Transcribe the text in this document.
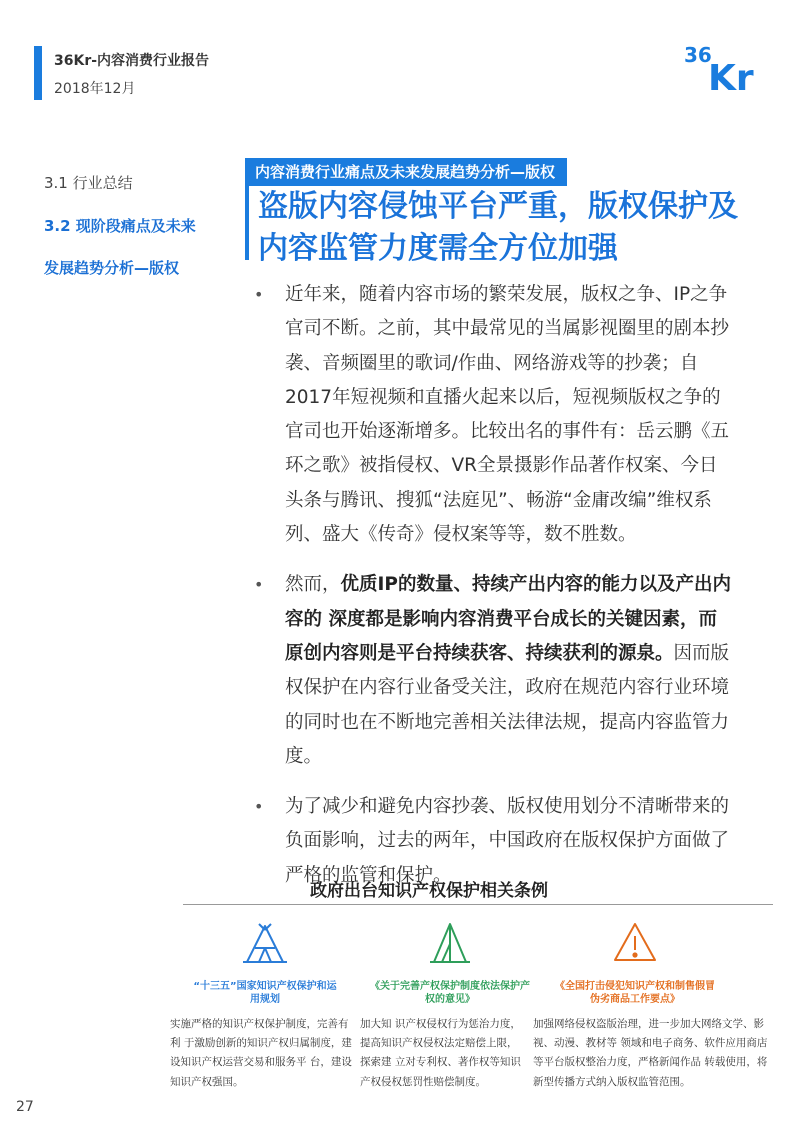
36Kr-内容消费行业报告
2018年12月
36
Kr
3.1 行业总结
3.2 现阶段痛点及未来
发展趋势分析—版权
内容消费行业痛点及未来发展趋势分析—版权
盗版内容侵蚀平台严重，版权保护及内容监管力度需全方位加强
• 近年来，随着内容市场的繁荣发展，版权之争、IP之争官司不断。之前，其中最常见的当属影视圈里的剧本抄袭、音频圈里的歌词/作曲、网络游戏等的抄袭；自2017年短视频和直播火起来以后，短视频版权之争的官司也开始逐渐增多。比较出名的事件有：岳云鹏《五环之歌》被指侵权、VR全景摄影作品著作权案、今日头条与腾讯、搜狐“法庭见”、畅游“金庸改编”维权系列、盛大《传奇》侵权案等等，数不胜数。
• 然而，优质IP的数量、持续产出内容的能力以及产出内容的 深度都是影响内容消费平台成长的关键因素，而原创内容则是平台持续获客、持续获利的源泉。因而版权保护在内容行业备受关注，政府在规范内容行业环境的同时也在不断地完善相关法律法规，提高内容监管力度。
• 为了减少和避免内容抄袭、版权使用划分不清晰带来的负面影响，过去的两年，中国政府在版权保护方面做了严格的监管和保护。
政府出台知识产权保护相关条例
“十三五”国家知识产权保护和运用规划
实施严格的知识产权保护制度，完善有利 于激励创新的知识产权归属制度，建设知识产权运营交易和服务平 台，建设知识产权强国。
《关于完善产权保护制度依法保护产权的意见》
加大知 识产权侵权行为惩治力度，提高知识产权侵权法定赔偿上限，探索建 立对专利权、著作权等知识产权侵权惩罚性赔偿制度。
《全国打击侵犯知识产权和制售假冒伪劣商品工作要点》
加强网络侵权盗版治理，进一步加大网络文学、影视、动漫、教材等 领域和电子商务、软件应用商店等平台版权整治力度，严格新闻作品 转载使用，将新型传播方式纳入版权监管范围。
27
